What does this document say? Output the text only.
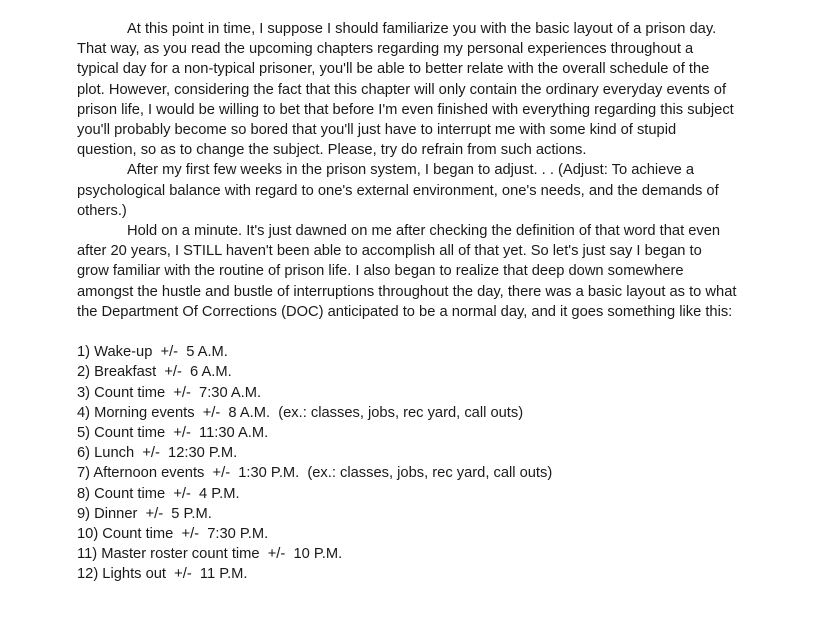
At this point in time, I suppose I should familiarize you with the basic layout of a prison day. That way, as you read the upcoming chapters regarding my personal experiences throughout a typical day for a non-typical prisoner, you'll be able to better relate with the overall schedule of the plot. However, considering the fact that this chapter will only contain the ordinary everyday events of prison life, I would be willing to bet that before I'm even finished with everything regarding this subject you'll probably become so bored that you'll just have to interrupt me with some kind of stupid question, so as to change the subject. Please, try do refrain from such actions.

After my first few weeks in the prison system, I began to adjust. . . (Adjust: To achieve a psychological balance with regard to one's external environment, one's needs, and the demands of others.)

Hold on a minute. It's just dawned on me after checking the definition of that word that even after 20 years, I STILL haven't been able to accomplish all of that yet. So let's just say I began to grow familiar with the routine of prison life. I also began to realize that deep down somewhere amongst the hustle and bustle of interruptions throughout the day, there was a basic layout as to what the Department Of Corrections (DOC) anticipated to be a normal day, and it goes something like this:

1) Wake-up  +/-  5 A.M.
2) Breakfast  +/-  6 A.M.
3) Count time  +/-  7:30 A.M.
4) Morning events  +/-  8 A.M.  (ex.: classes, jobs, rec yard, call outs)
5) Count time  +/-  11:30 A.M.
6) Lunch  +/-  12:30 P.M.
7) Afternoon events  +/-  1:30 P.M.  (ex.: classes, jobs, rec yard, call outs)
8) Count time  +/-  4 P.M.
9) Dinner  +/-  5 P.M.
10) Count time  +/-  7:30 P.M.
11) Master roster count time  +/-  10 P.M.
12) Lights out  +/-  11 P.M.
